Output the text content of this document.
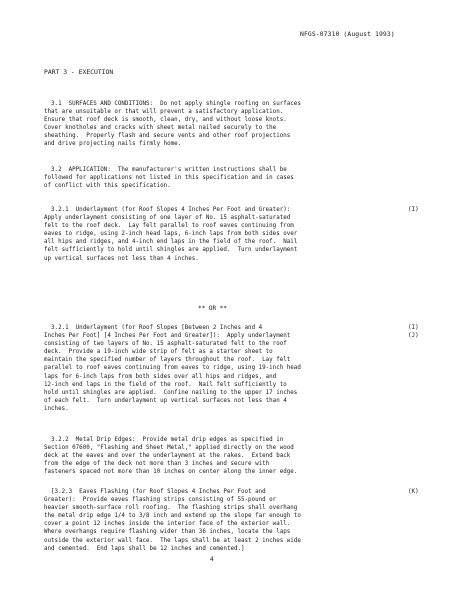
NFGS-07310 (August 1993)
PART 3 - EXECUTION
3.1  SURFACES AND CONDITIONS:  Do not apply shingle roofing on surfaces
that are unsuitable or that will prevent a satisfactory application.
Ensure that roof deck is smooth, clean, dry, and without loose knots.
Cover knotholes and cracks with sheet metal nailed securely to the
sheathing.  Properly flash and secure vents and other roof projections
and drive projecting nails firmly home.
3.2  APPLICATION:  The manufacturer's written instructions shall be
followed for applications not listed in this specification and in cases
of conflict with this specification.
3.2.1  Underlayment (for Roof Slopes 4 Inches Per Foot and Greater):
Apply underlayment consisting of one layer of No. 15 asphalt-saturated
felt to the roof deck.  Lay felt parallel to roof eaves continuing from
eaves to ridge, using 2-inch head laps, 6-inch laps from both sides over
all hips and ridges, and 4-inch end laps in the field of the roof.  Nail
felt sufficiently to hold until shingles are applied.  Turn underlayment
up vertical surfaces not less than 4 inches.
(I)
** OR **
3.2.1  Underlayment (for Roof Slopes [Between 2 Inches and 4
Inches Per Foot] [4 Inches Per Foot and Greater]):  Apply underlayment
consisting of two layers of No. 15 asphalt-saturated felt to the roof
deck.  Provide a 19-inch wide strip of felt as a starter sheet to
maintain the specified number of layers throughout the roof.  Lay felt
parallel to roof eaves continuing from eaves to ridge, using 19-inch head
laps for 6-inch laps from both sides over all hips and ridges, and
12-inch end laps in the field of the roof.  Nail felt sufficiently to
hold until shingles are applied.  Confine nailing to the upper 17 inches
of each felt.  Turn underlayment up vertical surfaces not less than 4
inches.
(I)
(J)
3.2.2  Metal Drip Edges:  Provide metal drip edges as specified in
Section 07600, "Flashing and Sheet Metal," applied directly on the wood
deck at the eaves and over the underlayment at the rakes.  Extend back
from the edge of the deck not more than 3 inches and secure with
fasteners spaced not more than 10 inches on center along the inner edge.
[3.2.3  Eaves Flashing (for Roof Slopes 4 Inches Per Foot and
Greater):  Provide eaves flashing strips consisting of 55-pound or
heavier smooth-surface roll roofing.  The flashing strips shall overhang
the metal drip edge 1/4 to 3/8 inch and extend up the slope far enough to
cover a point 12 inches inside the interior face of the exterior wall.
Where overhangs require flashing wider than 36 inches, locate the laps
outside the exterior wall face.  The laps shall be at least 2 inches wide
and cemented.  End laps shall be 12 inches and cemented.]
(K)
4
